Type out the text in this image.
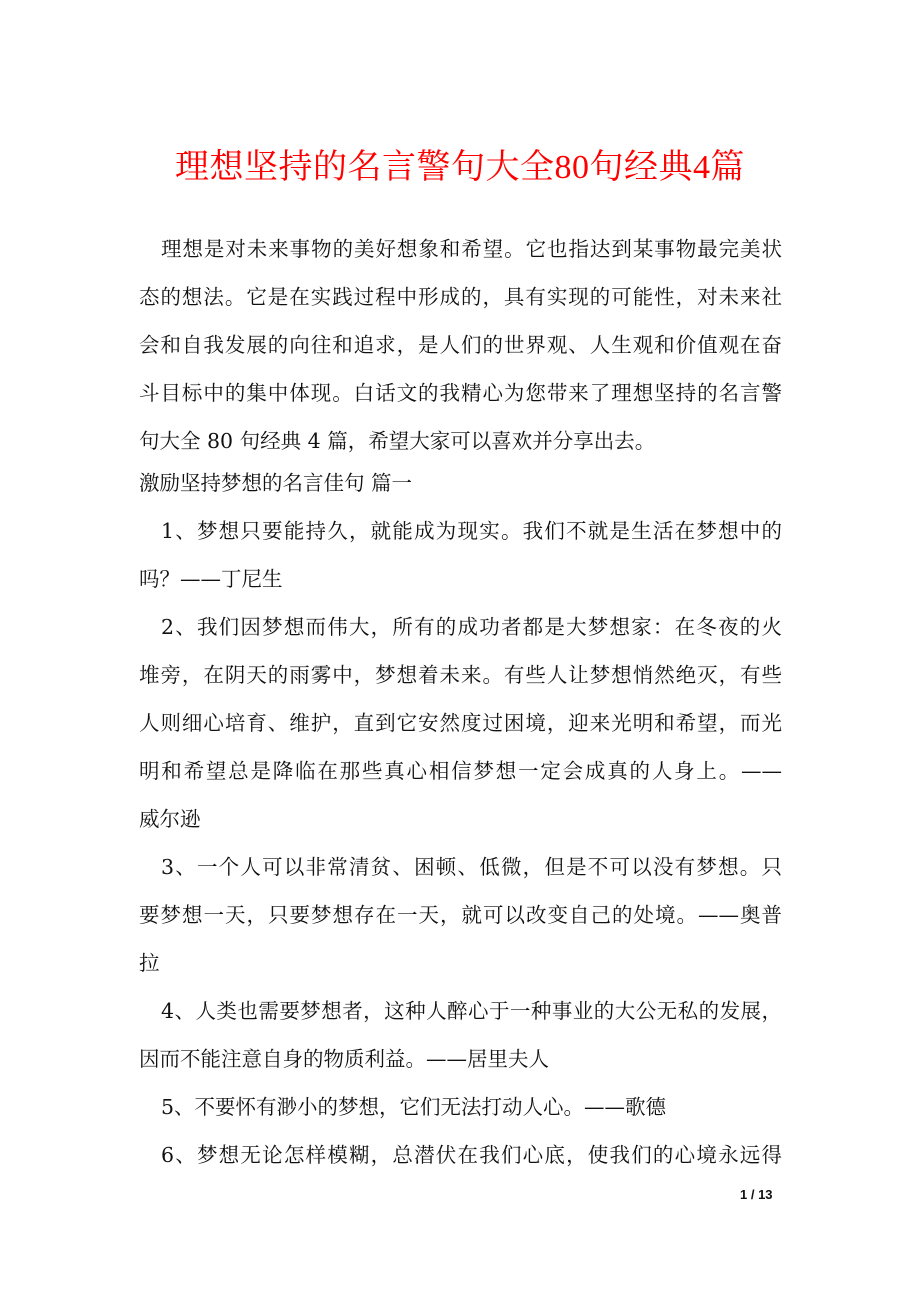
理想坚持的名言警句大全80句经典4篇
理想是对未来事物的美好想象和希望。它也指达到某事物最完美状
态的想法。它是在实践过程中形成的，具有实现的可能性，对未来社
会和自我发展的向往和追求，是人们的世界观、人生观和价值观在奋
斗目标中的集中体现。白话文的我精心为您带来了理想坚持的名言警
句大全 80 句经典 4 篇，希望大家可以喜欢并分享出去。
激励坚持梦想的名言佳句 篇一
1、梦想只要能持久，就能成为现实。我们不就是生活在梦想中的
吗？——丁尼生
2、我们因梦想而伟大，所有的成功者都是大梦想家：在冬夜的火
堆旁，在阴天的雨雾中，梦想着未来。有些人让梦想悄然绝灭，有些
人则细心培育、维护，直到它安然度过困境，迎来光明和希望，而光
明和希望总是降临在那些真心相信梦想一定会成真的人身上。——
威尔逊
3、一个人可以非常清贫、困顿、低微，但是不可以没有梦想。只
要梦想一天，只要梦想存在一天，就可以改变自己的处境。——奥普
拉
4、人类也需要梦想者，这种人醉心于一种事业的大公无私的发展，
因而不能注意自身的物质利益。——居里夫人
5、不要怀有渺小的梦想，它们无法打动人心。——歌德
6、梦想无论怎样模糊，总潜伏在我们心底，使我们的心境永远得
1 / 13
